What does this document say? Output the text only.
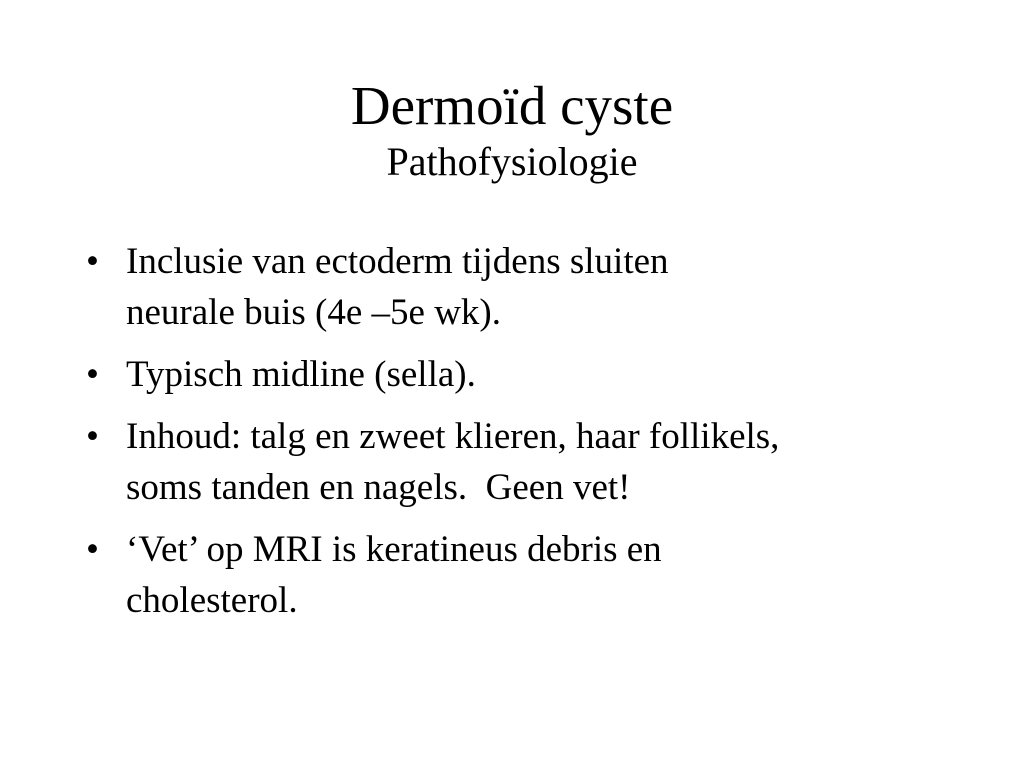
Dermoïd cyste
Pathofysiologie
• Inclusie van ectoderm tijdens sluiten
neurale buis (4e –5e wk).
• Typisch midline (sella).
• Inhoud: talg en zweet klieren, haar follikels,
soms tanden en nagels.  Geen vet!
• ‘Vet’ op MRI is keratineus debris en
cholesterol.
